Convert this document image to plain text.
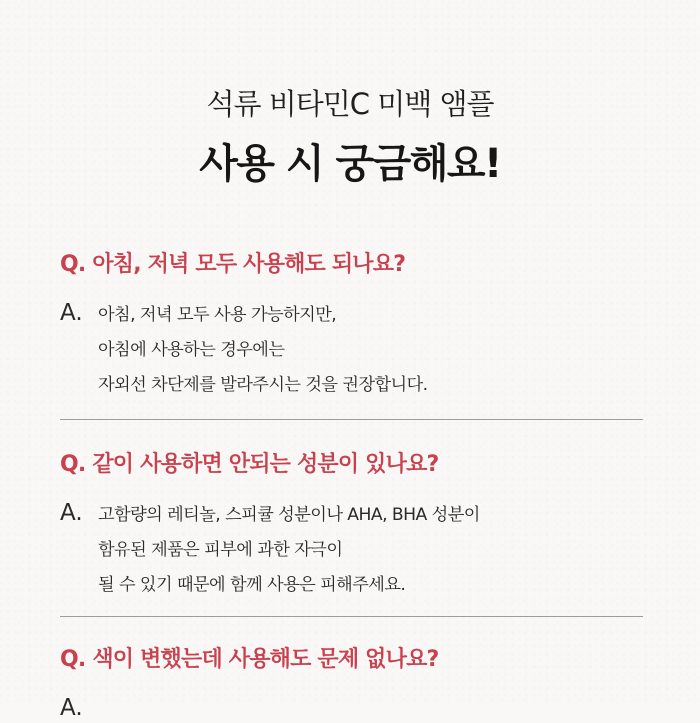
석류 비타민C 미백 앰플
사용 시 궁금해요!
Q. 아침, 저녁 모두 사용해도 되나요?
A. 아침, 저녁 모두 사용 가능하지만,
아침에 사용하는 경우에는
자외선 차단제를 발라주시는 것을 권장합니다.
Q. 같이 사용하면 안되는 성분이 있나요?
A. 고함량의 레티놀, 스피큘 성분이나 AHA, BHA 성분이
함유된 제품은 피부에 과한 자극이
될 수 있기 때문에 함께 사용은 피해주세요.
Q. 색이 변했는데 사용해도 문제 없나요?
A.
